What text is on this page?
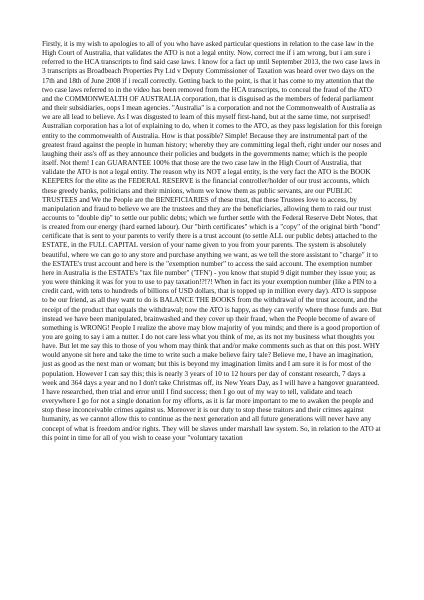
Firstly, it is my wish to apologies to all of you who have asked particular questions in relation to the case law in the High Court of Australia, that validates the ATO is not a legal entity. Now, correct me if i am wrong, but i am sure i referred to the HCA transcripts to find said case laws. I know for a fact up until September 2013, the two case laws in 3 transcripts as Broadbeach Properties Pty Ltd v Deputy Commissioner of Taxation was heard over two days on the 17th and 18th of June 2008 if i recall correctly. Getting back to the point, is that it has come to my attention that the two case laws referred to in the video has been removed from the HCA transcripts, to conceal the fraud of the ATO and the COMMONWEALTH OF AUSTRALIA corporation, that is disguised as the members of federal parliament and their subsidiaries, oops I mean agencies. "Australia" is a corporation and not the Commonwealth of Australia as we are all lead to believe. As I was disgusted to learn of this myself first-hand, but at the same time, not surprised! Australian corporation has a lot of explaining to do, when it comes to the ATO, as they pass legislation for this foreign entity to the commonwealth of Australia. How is that possible? Simple! Because they are instrumental part of the greatest fraud against the people in human history; whereby they are committing legal theft, right under our noses and laughing their ass's off as they announce their policies and budgets in the governments name; which is the people itself. Not them! I can GUARANTEE 100% that those are the two case law in the High Court of Australia, that validate the ATO is not a legal entity. The reason why its NOT a legal entity, is the very fact the ATO is the BOOK KEEPERS for the elite as the FEDERAL RESERVE is the financial controller/holder of our trust accounts, which these greedy banks, politicians and their minions, whom we know them as public servants, are our PUBLIC TRUSTEES and We the People are the BENEFICIARIES of these trust, that these Trustees love to access, by manipulation and fraud to believe we are the trustees and they are the beneficiaries, allowing them to raid our trust accounts to "double dip" to settle our public debts; which we further settle with the Federal Reserve Debt Notes, that is created from our energy (hard earned labour). Our "birth certificates" which is a "copy" of the original birth "bond" certificate that is sent to your parents to verify there is a trust account (to settle ALL our public debts) attached to the ESTATE, in the FULL CAPITAL version of your name given to you from your parents. The system is absolutely beautiful, where we can go to any store and purchase anything we want, as we tell the store assistant to "charge" it to the ESTATE's trust account and here is the "exemption number" to access the said account. The exemption number here in Australia is the ESTATE's "tax file number" ('TFN') - you know that stupid 9 digit number they issue you; as you were thinking it was for you to use to pay taxation!?!?! When in fact its your exemption number (like a PIN to a credit card, with tens to hundreds of billions of USD dollars, that is topped up in million every day). ATO is suppose to be our friend, as all they want to do is BALANCE THE BOOKS from the withdrawal of the trust account, and the receipt of the product that equals the withdrawal; now the ATO is happy, as they can verify where those funds are. But instead we have been manipulated, brainwashed and they cover up their fraud, when the People become of aware of something is WRONG! People I realize the above may blow majority of you minds; and there is a good proportion of you are going to say i am a nutter. I do not care less what you think of me, as its not my business what thoughts you have. But let me say this to those of you whom may think that and/or make comments such as that on this post. WHY would anyone sit here and take the time to write such a make believe fairy tale? Believe me, I have an imagination, just as good as the next man or woman; but this is beyond my imagination limits and I am sure it is for most of the population. However I can say this; this is nearly 3 years of 10 to 12 hours per day of constant research, 7 days a week and 364 days a year and no I don't take Christmas off, its New Years Day, as I will have a hangover guaranteed. I have researched, then trial and error until I find success; then I go out of my way to tell, validate and teach everywhere I go for not a single donation for my efforts, as it is far more important to me to awaken the people and stop these inconceivable crimes against us. Moreover it is our duty to stop these traitors and their crimes against humanity, as we cannot allow this to continue as the next generation and all future generations will never have any concept of what is freedom and/or rights. They will be slaves under marshall law system. So, in relation to the ATO at this point in time for all of you wish to cease your "voluntary taxation
